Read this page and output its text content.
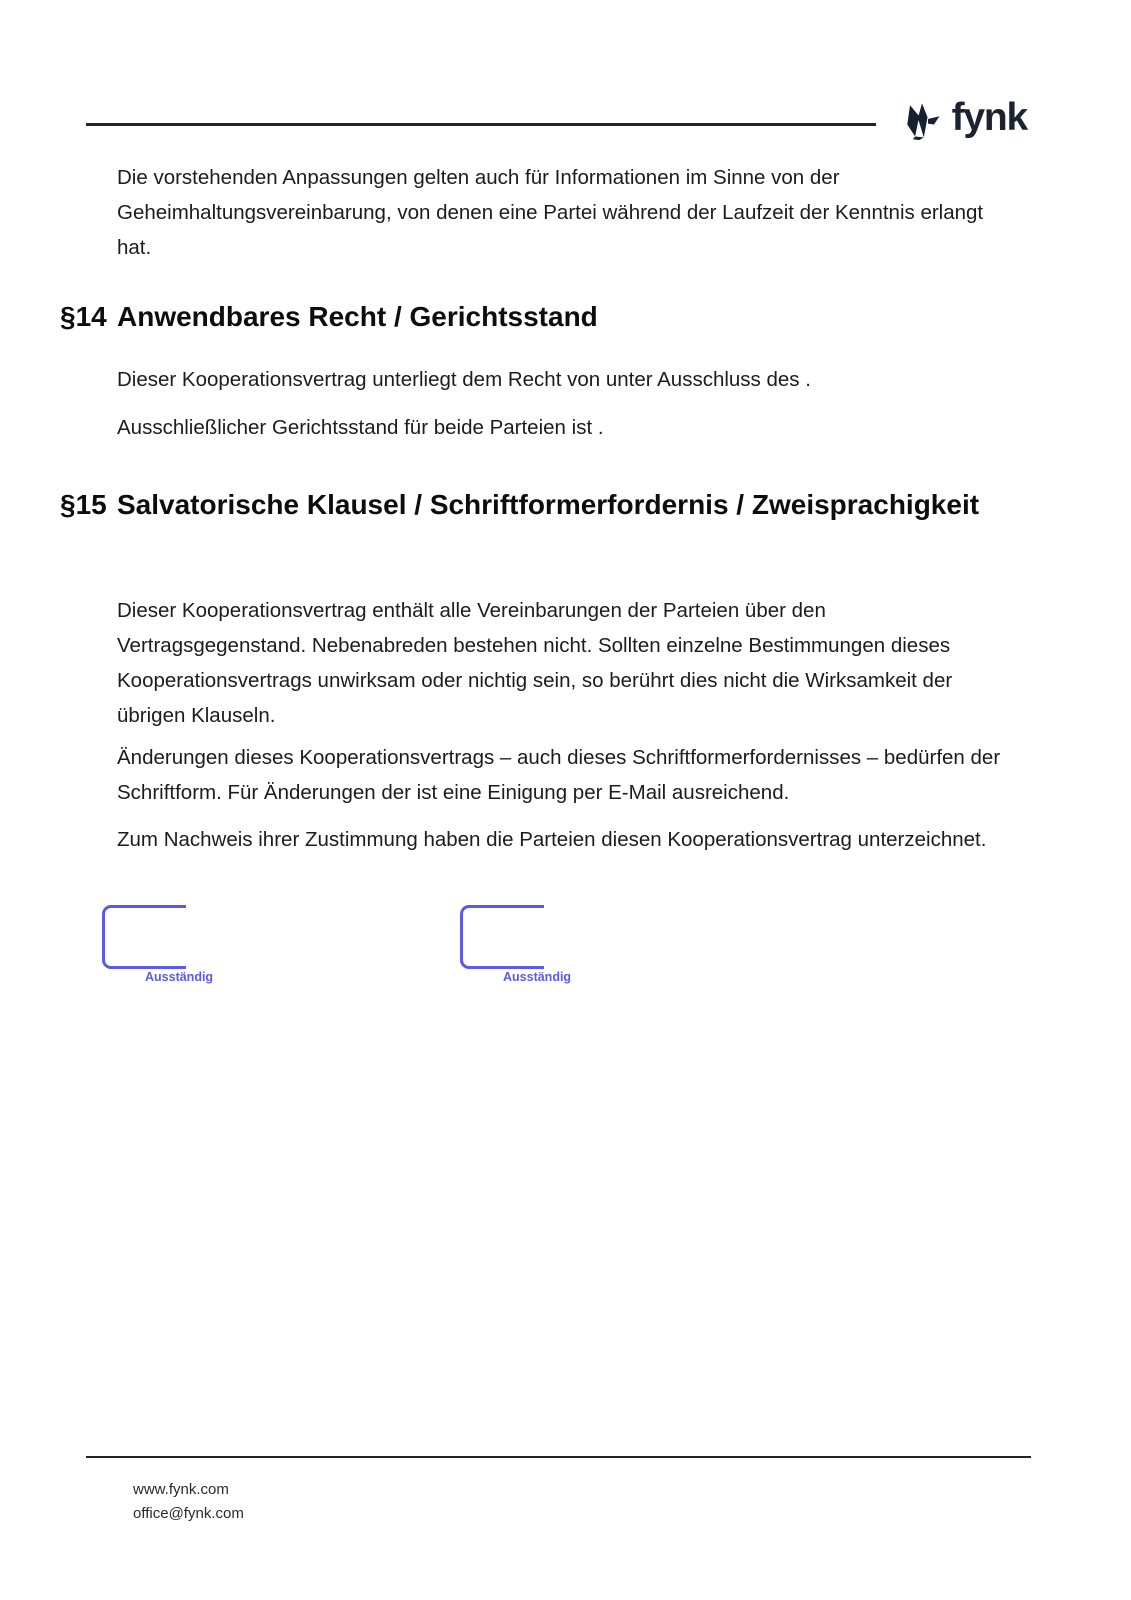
fynk
Die vorstehenden Anpassungen gelten auch für Informationen im Sinne von der Geheimhaltungsvereinbarung, von denen eine Partei während der Laufzeit der Kenntnis erlangt hat.
§14 Anwendbares Recht / Gerichtsstand
Dieser Kooperationsvertrag unterliegt dem Recht von unter Ausschluss des .
Ausschließlicher Gerichtsstand für beide Parteien ist .
§15 Salvatorische Klausel / Schriftformerfordernis / Zweisprachigkeit
Dieser Kooperationsvertrag enthält alle Vereinbarungen der Parteien über den Vertragsgegenstand. Nebenabreden bestehen nicht. Sollten einzelne Bestimmungen dieses Kooperationsvertrags unwirksam oder nichtig sein, so berührt dies nicht die Wirksamkeit der übrigen Klauseln.
Änderungen dieses Kooperationsvertrags – auch dieses Schriftformerfordernisses – bedürfen der Schriftform. Für Änderungen der ist eine Einigung per E-Mail ausreichend.
Zum Nachweis ihrer Zustimmung haben die Parteien diesen Kooperationsvertrag unterzeichnet.
Ausständig	Ausständig
www.fynk.com
office@fynk.com
